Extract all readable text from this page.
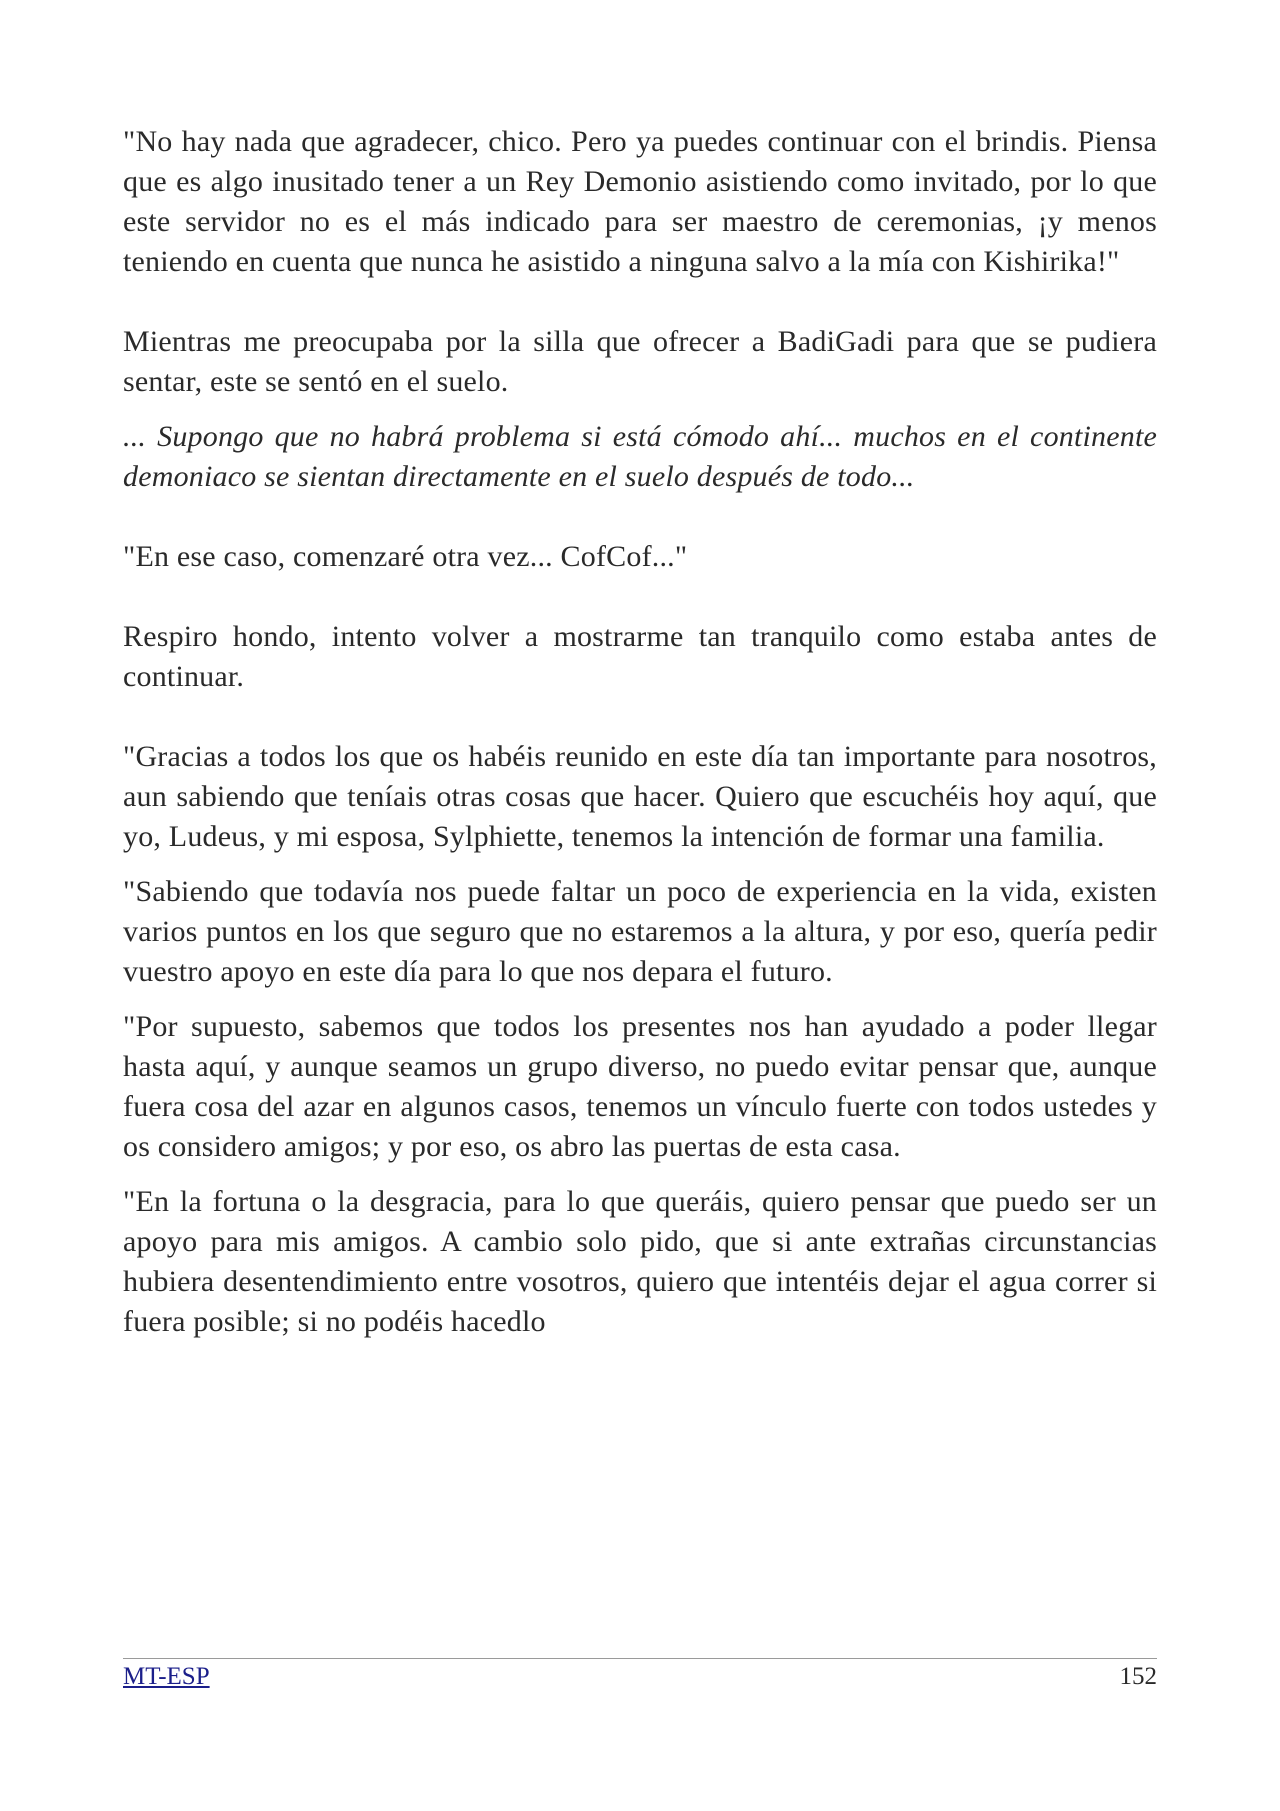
"No hay nada que agradecer, chico. Pero ya puedes continuar con el brindis. Piensa que es algo inusitado tener a un Rey Demonio asistiendo como invitado, por lo que este servidor no es el más indicado para ser maestro de ceremonias, ¡y menos teniendo en cuenta que nunca he asistido a ninguna salvo a la mía con Kishirika!"

Mientras me preocupaba por la silla que ofrecer a BadiGadi para que se pudiera sentar, este se sentó en el suelo.

... Supongo que no habrá problema si está cómodo ahí... muchos en el continente demoniaco se sientan directamente en el suelo después de todo...

"En ese caso, comenzaré otra vez... CofCof..."

Respiro hondo, intento volver a mostrarme tan tranquilo como estaba antes de continuar.

"Gracias a todos los que os habéis reunido en este día tan importante para nosotros, aun sabiendo que teníais otras cosas que hacer. Quiero que escuchéis hoy aquí, que yo, Ludeus, y mi esposa, Sylphiette, tenemos la intención de formar una familia.

"Sabiendo que todavía nos puede faltar un poco de experiencia en la vida, existen varios puntos en los que seguro que no estaremos a la altura, y por eso, quería pedir vuestro apoyo en este día para lo que nos depara el futuro.

"Por supuesto, sabemos que todos los presentes nos han ayudado a poder llegar hasta aquí, y aunque seamos un grupo diverso, no puedo evitar pensar que, aunque fuera cosa del azar en algunos casos, tenemos un vínculo fuerte con todos ustedes y os considero amigos; y por eso, os abro las puertas de esta casa.

"En la fortuna o la desgracia, para lo que queráis, quiero pensar que puedo ser un apoyo para mis amigos. A cambio solo pido, que si ante extrañas circunstancias hubiera desentendimiento entre vosotros, quiero que intentéis dejar el agua correr si fuera posible; si no podéis hacedlo

MT-ESP	152
